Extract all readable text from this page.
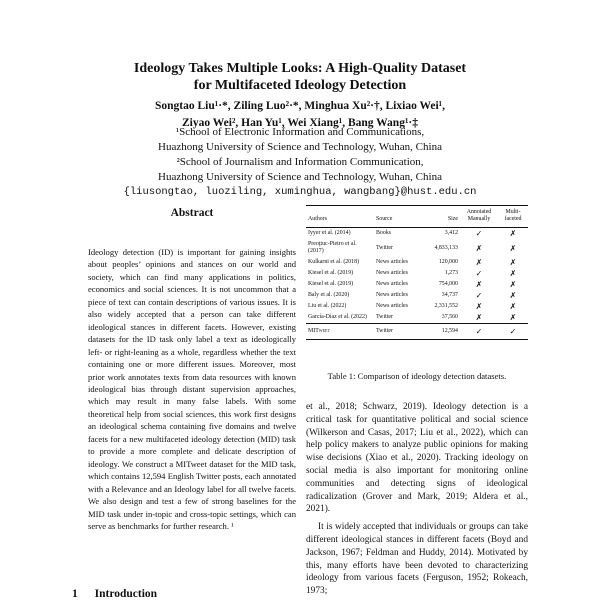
Ideology Takes Multiple Looks: A High-Quality Dataset
for Multifaceted Ideology Detection
Songtao Liu¹·*, Ziling Luo²·*, Minghua Xu²·†, Lixiao Wei¹,
Ziyao Wei², Han Yu¹, Wei Xiang¹, Bang Wang¹·‡
¹School of Electronic Information and Communications,
Huazhong University of Science and Technology, Wuhan, China
²School of Journalism and Information Communication,
Huazhong University of Science and Technology, Wuhan, China
{liusongtao, luoziling, xuminghua, wangbang}@hust.edu.cn
Abstract

Ideology detection (ID) is important for gaining insights about peoples’ opinions and stances on our world and society, which can find many applications in politics, economics and social sciences. It is not uncommon that a piece of text can contain descriptions of various issues. It is also widely accepted that a person can take different ideological stances in different facets. However, existing datasets for the ID task only label a text as ideologically left- or right-leaning as a whole, regardless whether the text containing one or more different issues. Moreover, most prior work annotates texts from data resources with known ideological bias through distant supervision approaches, which may result in many false labels. With some theoretical help from social sciences, this work first designs an ideological schema containing five domains and twelve facets for a new multifaceted ideology detection (MID) task to provide a more complete and delicate description of ideology. We construct a MITweet dataset for the MID task, which contains 12,594 English Twitter posts, each annotated with a Relevance and an Ideology label for all twelve facets. We also design and test a few of strong baselines for the MID task under in-topic and cross-topic settings, which can serve as benchmarks for further research. ¹

1 Introduction
Authors	Source	Size	Annotated Manually	Multi-faceted
Iyyer et al. (2014)	Books	3,412	✓	✗
Preoţiuc-Pietro et al. (2017)	Twitter	4,833,133	✗	✗
Kulkarni et al. (2018)	News articles	120,000	✗	✗
Kiesel et al. (2019)	News articles	1,273	✓	✗
Kiesel et al. (2019)	News articles	754,000	✗	✗
Baly et al. (2020)	News articles	34,737	✓	✗
Liu et al. (2022)	News articles	2,331,552	✗	✗
García-Díaz et al. (2022)	Twitter	37,560	✗	✗
MITweet	Twitter	12,594	✓	✓
Table 1: Comparison of ideology detection datasets.

et al., 2018; Schwarz, 2019). Ideology detection is a critical task for quantitative political and social science (Wilkerson and Casas, 2017; Liu et al., 2022), which can help policy makers to analyze public opinions for making wise decisions (Xiao et al., 2020). Tracking ideology on social media is also important for monitoring online communities and detecting signs of ideological radicalization (Grover and Mark, 2019; Aldera et al., 2021).

It is widely accepted that individuals or groups can take different ideological stances in different facets (Boyd and Jackson, 1967; Feldman and Huddy, 2014). Motivated by this, many efforts have been devoted to characterizing ideology from various facets (Ferguson, 1952; Rokeach, 1973;
